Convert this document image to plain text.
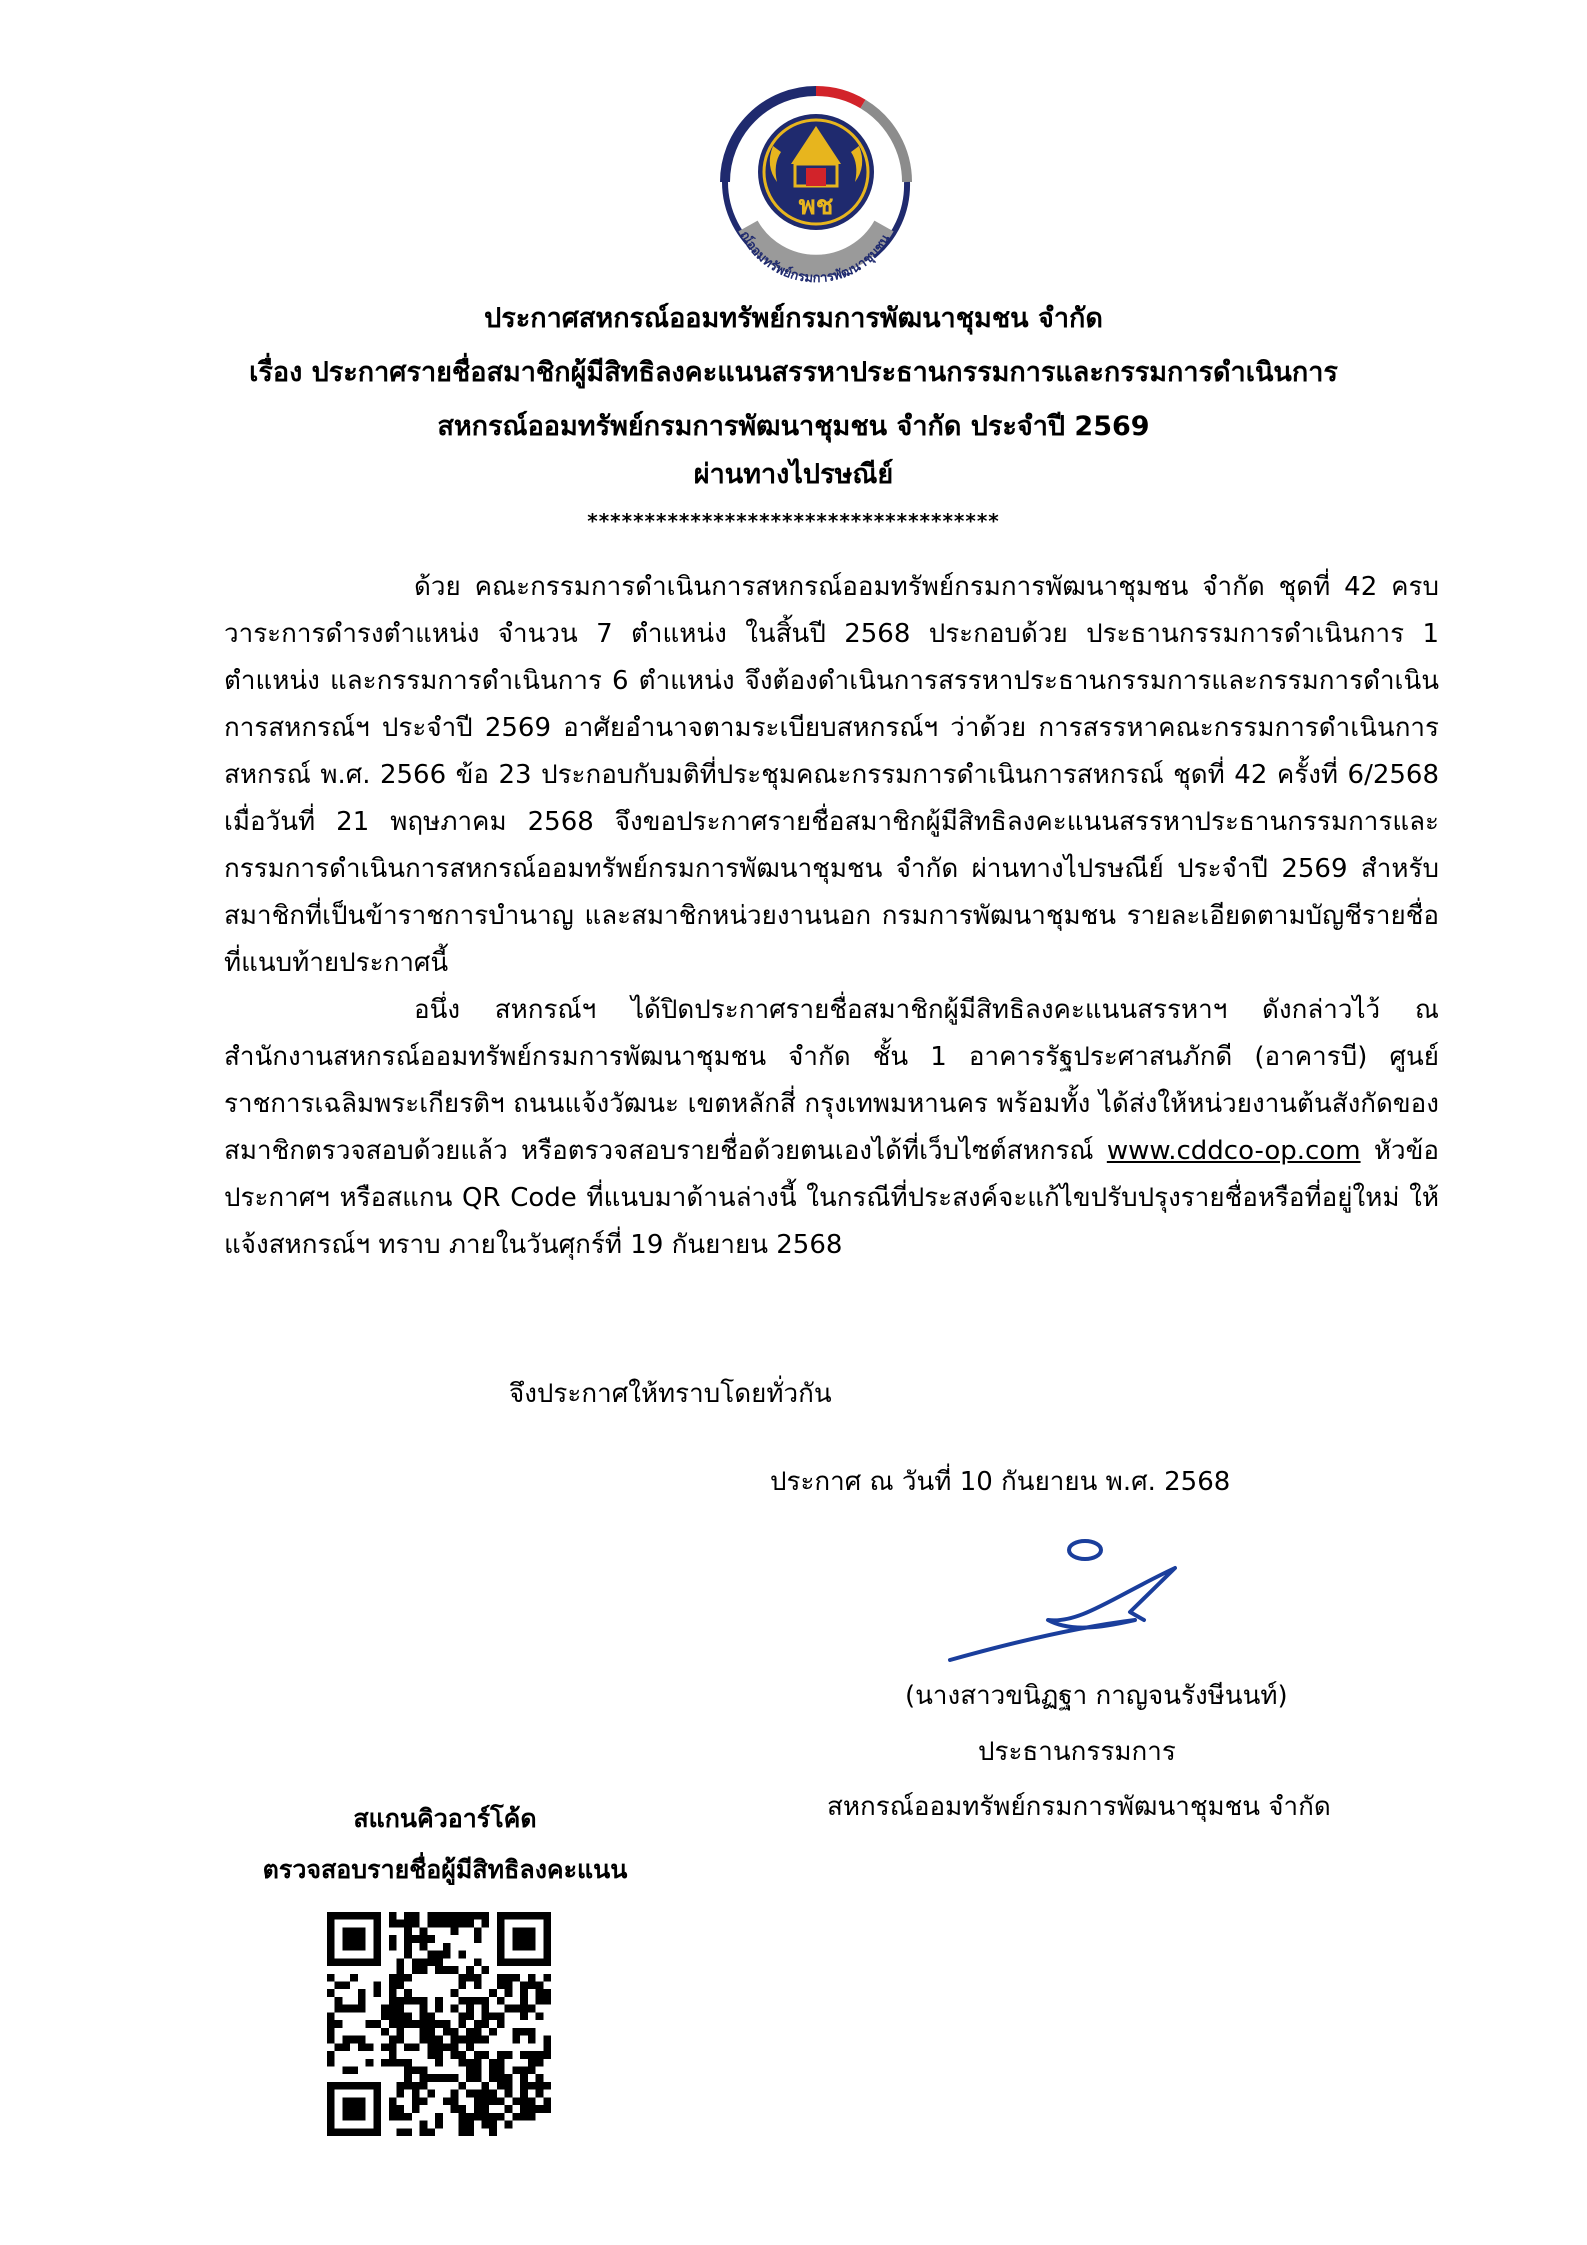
พช
ณ์ออมทรัพย์กรมการพัฒนาชุมชน
ประกาศสหกรณ์ออมทรัพย์กรมการพัฒนาชุมชน จำกัด
เรื่อง ประกาศรายชื่อสมาชิกผู้มีสิทธิลงคะแนนสรรหาประธานกรรมการและกรรมการดำเนินการ
สหกรณ์ออมทรัพย์กรมการพัฒนาชุมชน จำกัด ประจำปี 2569
ผ่านทางไปรษณีย์
************************************

ด้วย คณะกรรมการดำเนินการสหกรณ์ออมทรัพย์กรมการพัฒนาชุมชน จำกัด ชุดที่ 42 ครบวาระการดำรงตำแหน่ง จำนวน 7 ตำแหน่ง ในสิ้นปี 2568 ประกอบด้วย ประธานกรรมการดำเนินการ 1 ตำแหน่ง และกรรมการดำเนินการ 6 ตำแหน่ง จึงต้องดำเนินการสรรหาประธานกรรมการและกรรมการดำเนินการสหกรณ์ฯ ประจำปี 2569 อาศัยอำนาจตามระเบียบสหกรณ์ฯ ว่าด้วย การสรรหาคณะกรรมการดำเนินการสหกรณ์ พ.ศ. 2566 ข้อ 23 ประกอบกับมติที่ประชุมคณะกรรมการดำเนินการสหกรณ์ ชุดที่ 42 ครั้งที่ 6/2568 เมื่อวันที่ 21 พฤษภาคม 2568 จึงขอประกาศรายชื่อสมาชิกผู้มีสิทธิลงคะแนนสรรหาประธานกรรมการและกรรมการดำเนินการสหกรณ์ออมทรัพย์กรมการพัฒนาชุมชน จำกัด ผ่านทางไปรษณีย์ ประจำปี 2569 สำหรับสมาชิกที่เป็นข้าราชการบำนาญ และสมาชิกหน่วยงานนอก กรมการพัฒนาชุมชน รายละเอียดตามบัญชีรายชื่อที่แนบท้ายประกาศนี้

อนึ่ง สหกรณ์ฯ ได้ปิดประกาศรายชื่อสมาชิกผู้มีสิทธิลงคะแนนสรรหาฯ ดังกล่าวไว้ ณ สำนักงานสหกรณ์ออมทรัพย์กรมการพัฒนาชุมชน จำกัด ชั้น 1 อาคารรัฐประศาสนภักดี (อาคารบี) ศูนย์ราชการเฉลิมพระเกียรติฯ ถนนแจ้งวัฒนะ เขตหลักสี่ กรุงเทพมหานคร พร้อมทั้ง ได้ส่งให้หน่วยงานต้นสังกัดของสมาชิกตรวจสอบด้วยแล้ว หรือตรวจสอบรายชื่อด้วยตนเองได้ที่เว็บไซต์สหกรณ์ www.cddco-op.com หัวข้อประกาศฯ หรือสแกน QR Code ที่แนบมาด้านล่างนี้ ในกรณีที่ประสงค์จะแก้ไขปรับปรุงรายชื่อหรือที่อยู่ใหม่ ให้แจ้งสหกรณ์ฯ ทราบ ภายในวันศุกร์ที่ 19 กันยายน 2568

จึงประกาศให้ทราบโดยทั่วกัน
ประกาศ ณ วันที่ 10 กันยายน พ.ศ. 2568
(นางสาวขนิฏฐา กาญจนรังษีนนท์)
ประธานกรรมการ
สหกรณ์ออมทรัพย์กรมการพัฒนาชุมชน จำกัด
สแกนคิวอาร์โค้ด
ตรวจสอบรายชื่อผู้มีสิทธิลงคะแนน
